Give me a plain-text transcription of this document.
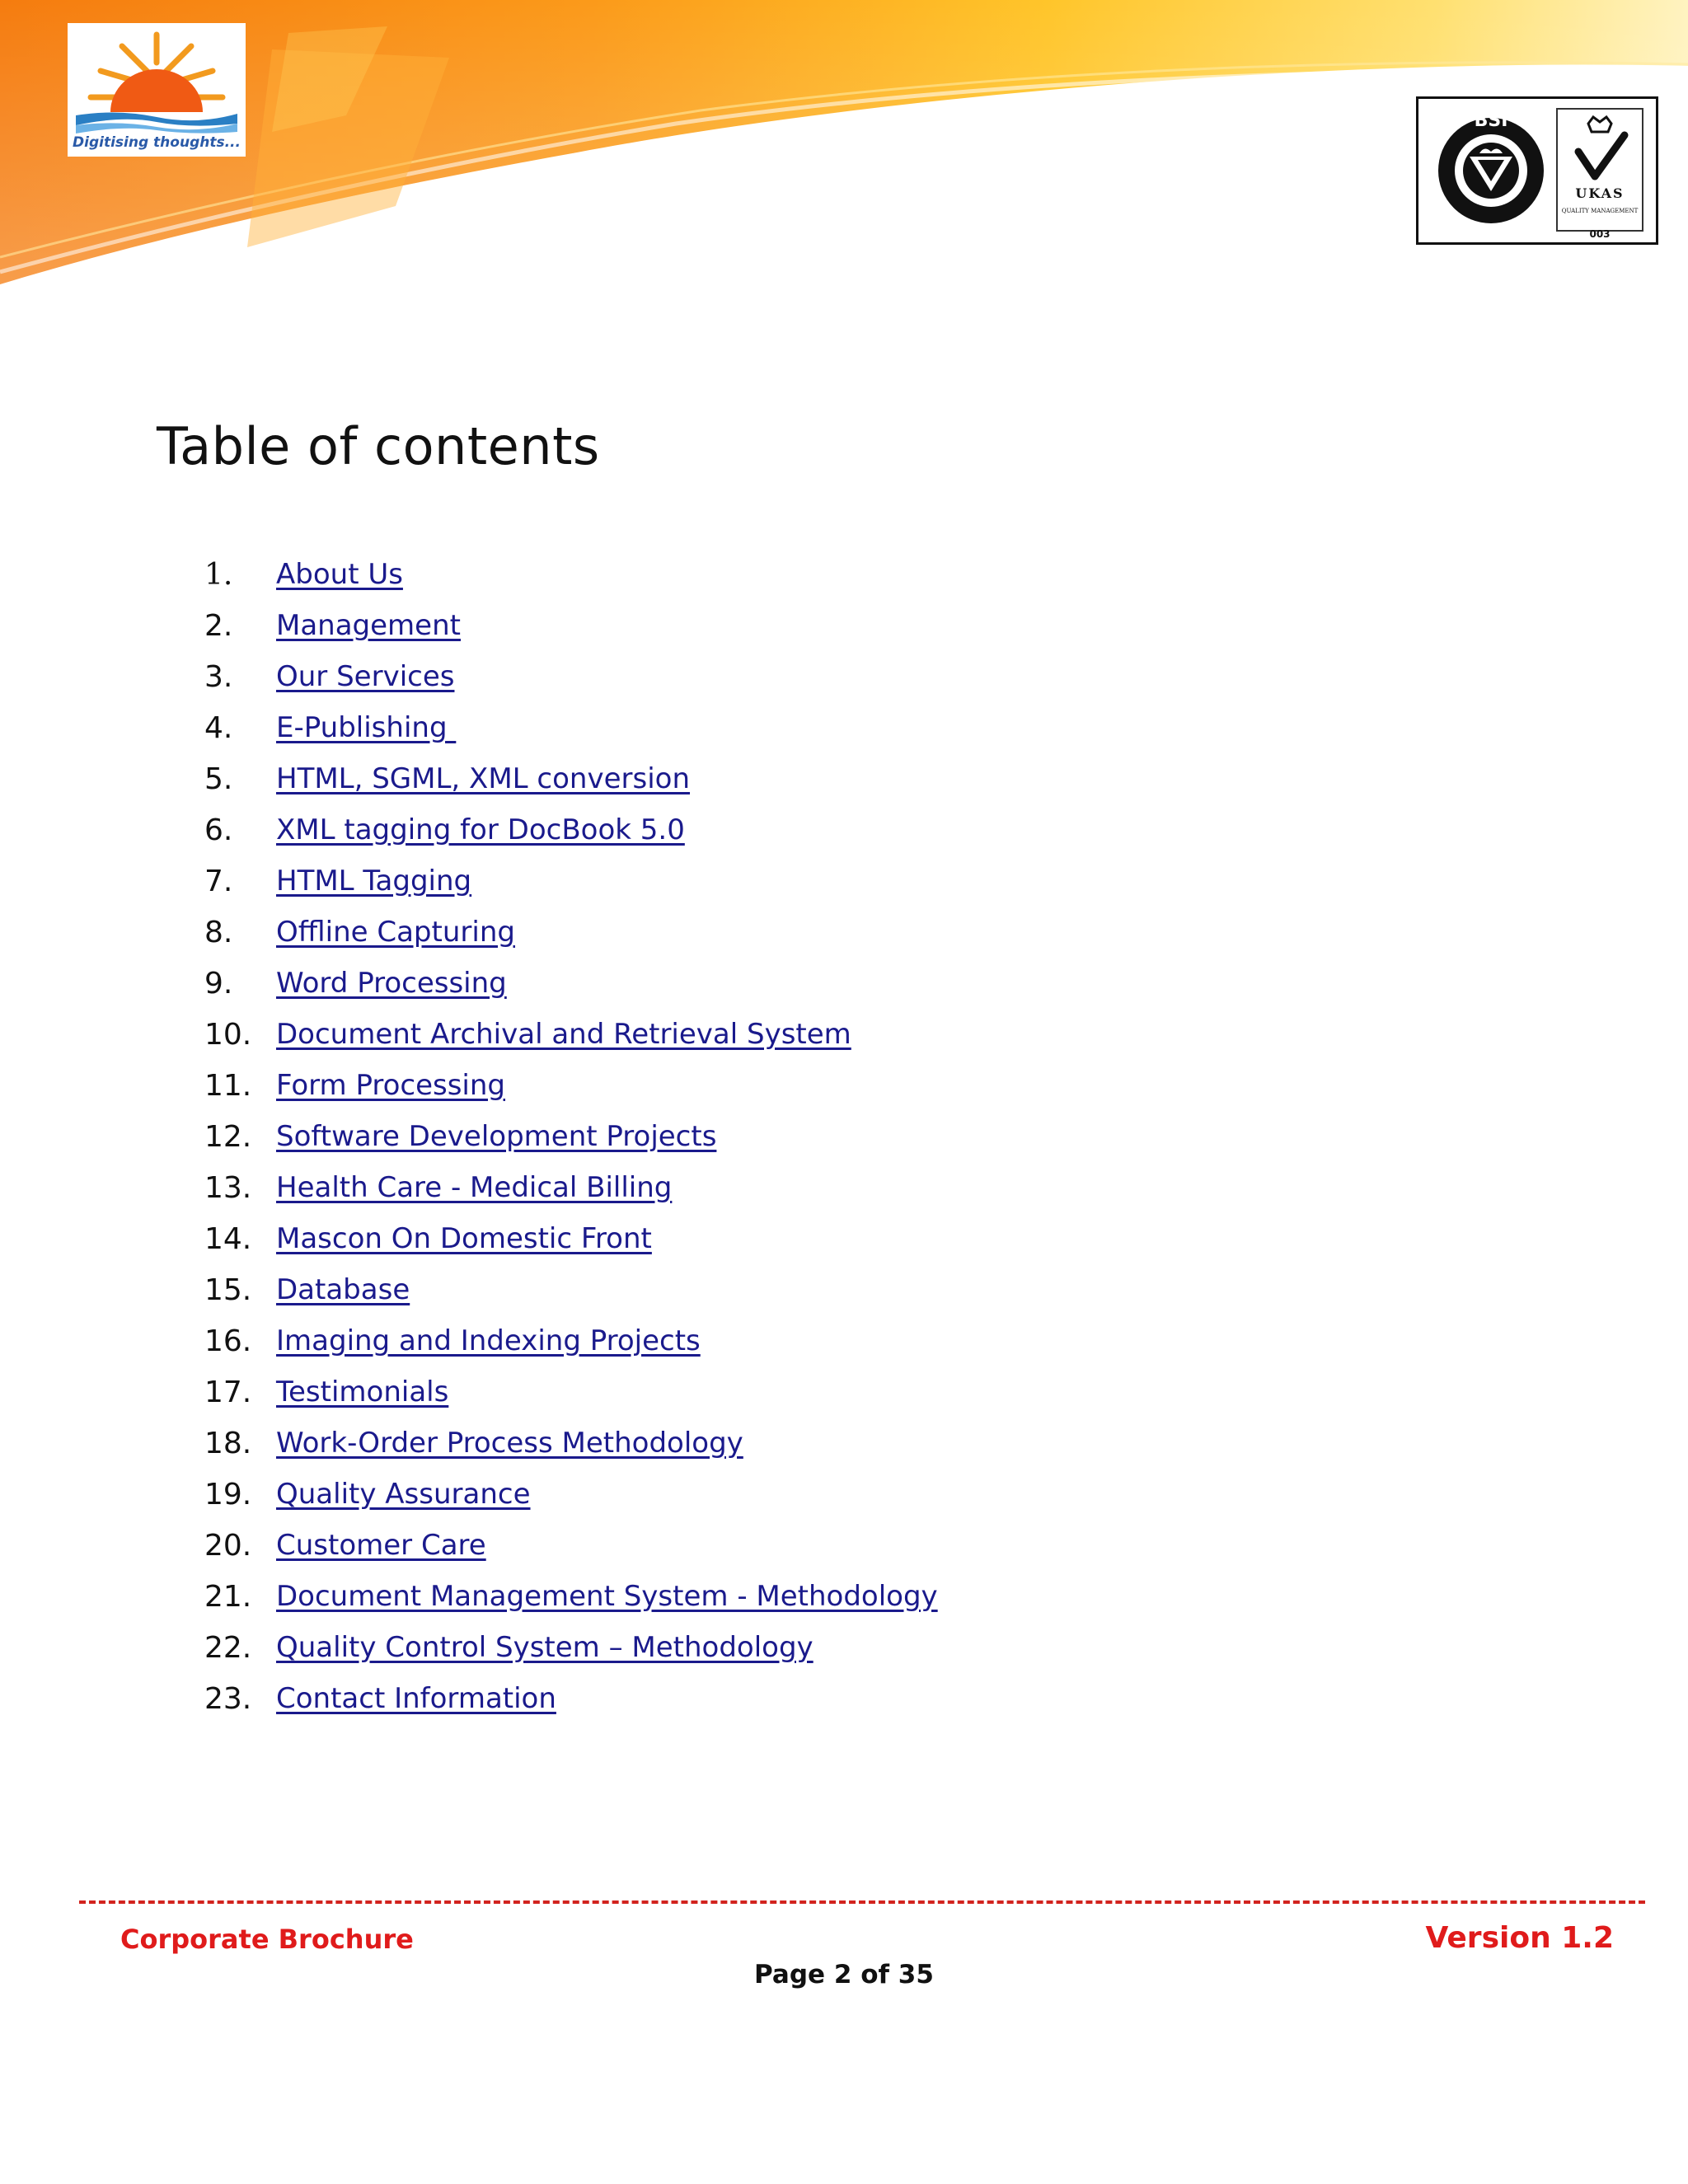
Digitising thoughts...
BSI
UKAS
QUALITY MANAGEMENT
003
Table of contents
1.	About Us
2.	Management
3.	Our Services
4.	E-Publishing
5.	HTML, SGML, XML conversion
6.	XML tagging for DocBook 5.0
7.	HTML Tagging
8.	Offline Capturing
9.	Word Processing
10. Document Archival and Retrieval System
11. Form Processing
12. Software Development Projects
13. Health Care - Medical Billing
14. Mascon On Domestic Front
15. Database
16. Imaging and Indexing Projects
17. Testimonials
18. Work-Order Process Methodology
19. Quality Assurance
20. Customer Care
21. Document Management System - Methodology
22. Quality Control System – Methodology
23. Contact Information
Corporate Brochure	Version 1.2
Page 2 of 35
